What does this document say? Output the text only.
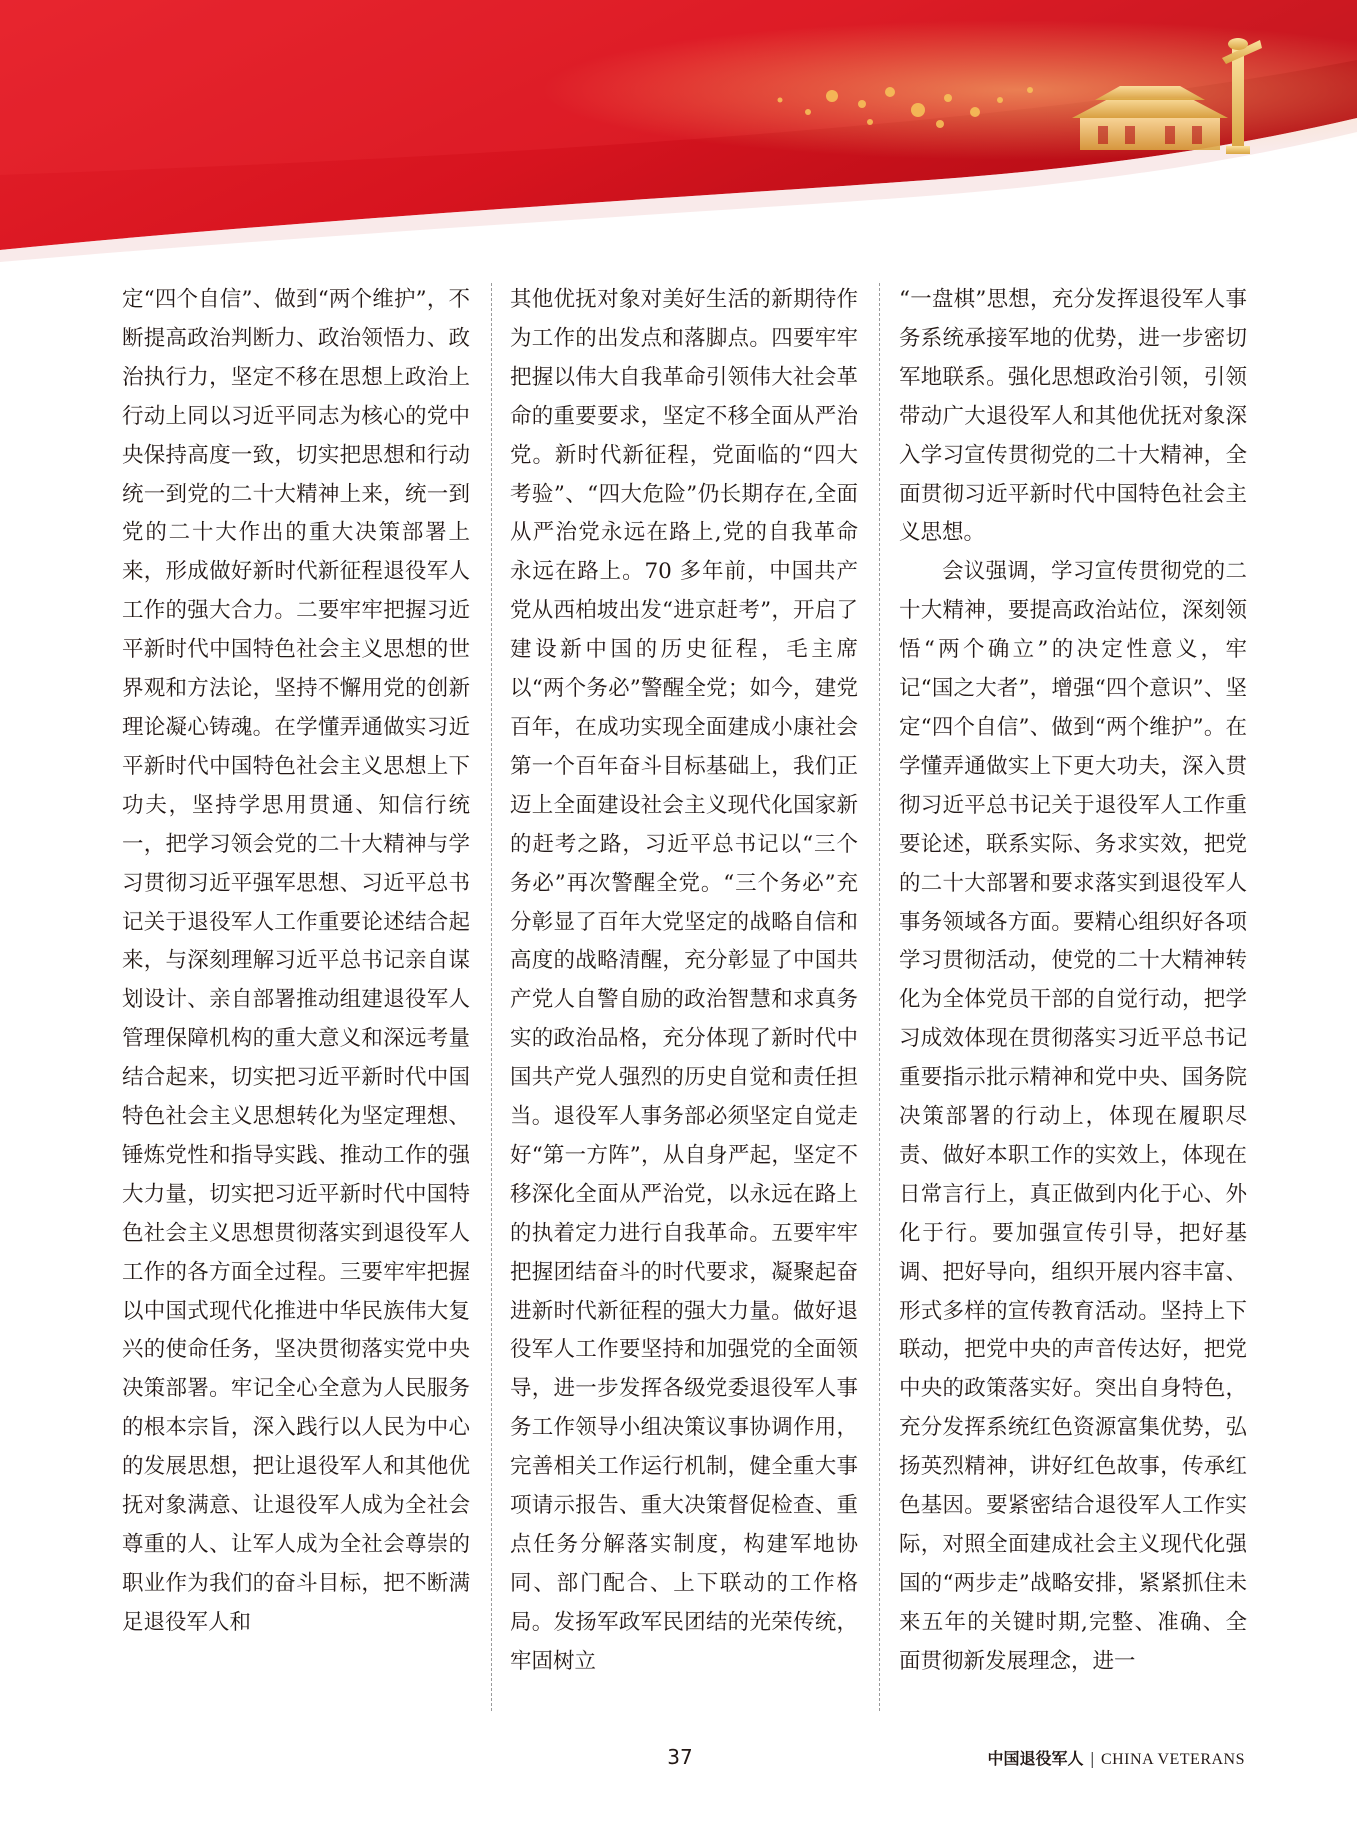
定“四个自信”、做到“两个维护”，不断提高政治判断力、政治领悟力、政治执行力，坚定不移在思想上政治上行动上同以习近平同志为核心的党中央保持高度一致，切实把思想和行动统一到党的二十大精神上来，统一到党的二十大作出的重大决策部署上来，形成做好新时代新征程退役军人工作的强大合力。二要牢牢把握习近平新时代中国特色社会主义思想的世界观和方法论，坚持不懈用党的创新理论凝心铸魂。在学懂弄通做实习近平新时代中国特色社会主义思想上下功夫，坚持学思用贯通、知信行统一，把学习领会党的二十大精神与学习贯彻习近平强军思想、习近平总书记关于退役军人工作重要论述结合起来，与深刻理解习近平总书记亲自谋划设计、亲自部署推动组建退役军人管理保障机构的重大意义和深远考量结合起来，切实把习近平新时代中国特色社会主义思想转化为坚定理想、锤炼党性和指导实践、推动工作的强大力量，切实把习近平新时代中国特色社会主义思想贯彻落实到退役军人工作的各方面全过程。三要牢牢把握以中国式现代化推进中华民族伟大复兴的使命任务，坚决贯彻落实党中央决策部署。牢记全心全意为人民服务的根本宗旨，深入践行以人民为中心的发展思想，把让退役军人和其他优抚对象满意、让退役军人成为全社会尊重的人、让军人成为全社会尊崇的职业作为我们的奋斗目标，把不断满足退役军人和

其他优抚对象对美好生活的新期待作为工作的出发点和落脚点。四要牢牢把握以伟大自我革命引领伟大社会革命的重要要求，坚定不移全面从严治党。新时代新征程，党面临的“四大考验”、“四大危险”仍长期存在,全面从严治党永远在路上,党的自我革命永远在路上。70 多年前，中国共产党从西柏坡出发“进京赶考”，开启了建设新中国的历史征程，毛主席以“两个务必”警醒全党；如今，建党百年，在成功实现全面建成小康社会第一个百年奋斗目标基础上，我们正迈上全面建设社会主义现代化国家新的赶考之路，习近平总书记以“三个务必”再次警醒全党。“三个务必”充分彰显了百年大党坚定的战略自信和高度的战略清醒，充分彰显了中国共产党人自警自励的政治智慧和求真务实的政治品格，充分体现了新时代中国共产党人强烈的历史自觉和责任担当。退役军人事务部必须坚定自觉走好“第一方阵”，从自身严起，坚定不移深化全面从严治党，以永远在路上的执着定力进行自我革命。五要牢牢把握团结奋斗的时代要求，凝聚起奋进新时代新征程的强大力量。做好退役军人工作要坚持和加强党的全面领导，进一步发挥各级党委退役军人事务工作领导小组决策议事协调作用，完善相关工作运行机制，健全重大事项请示报告、重大决策督促检查、重点任务分解落实制度，构建军地协同、部门配合、上下联动的工作格局。发扬军政军民团结的光荣传统，牢固树立

“一盘棋”思想，充分发挥退役军人事务系统承接军地的优势，进一步密切军地联系。强化思想政治引领，引领带动广大退役军人和其他优抚对象深入学习宣传贯彻党的二十大精神，全面贯彻习近平新时代中国特色社会主义思想。

会议强调，学习宣传贯彻党的二十大精神，要提高政治站位，深刻领悟“两个确立”的决定性意义，牢记“国之大者”，增强“四个意识”、坚定“四个自信”、做到“两个维护”。在学懂弄通做实上下更大功夫，深入贯彻习近平总书记关于退役军人工作重要论述，联系实际、务求实效，把党的二十大部署和要求落实到退役军人事务领域各方面。要精心组织好各项学习贯彻活动，使党的二十大精神转化为全体党员干部的自觉行动，把学习成效体现在贯彻落实习近平总书记重要指示批示精神和党中央、国务院决策部署的行动上，体现在履职尽责、做好本职工作的实效上，体现在日常言行上，真正做到内化于心、外化于行。要加强宣传引导，把好基调、把好导向，组织开展内容丰富、形式多样的宣传教育活动。坚持上下联动，把党中央的声音传达好，把党中央的政策落实好。突出自身特色，充分发挥系统红色资源富集优势，弘扬英烈精神，讲好红色故事，传承红色基因。要紧密结合退役军人工作实际，对照全面建成社会主义现代化强国的“两步走”战略安排，紧紧抓住未来五年的关键时期,完整、准确、全面贯彻新发展理念，进一

37	中国退役军人 | CHINA VETERANS
